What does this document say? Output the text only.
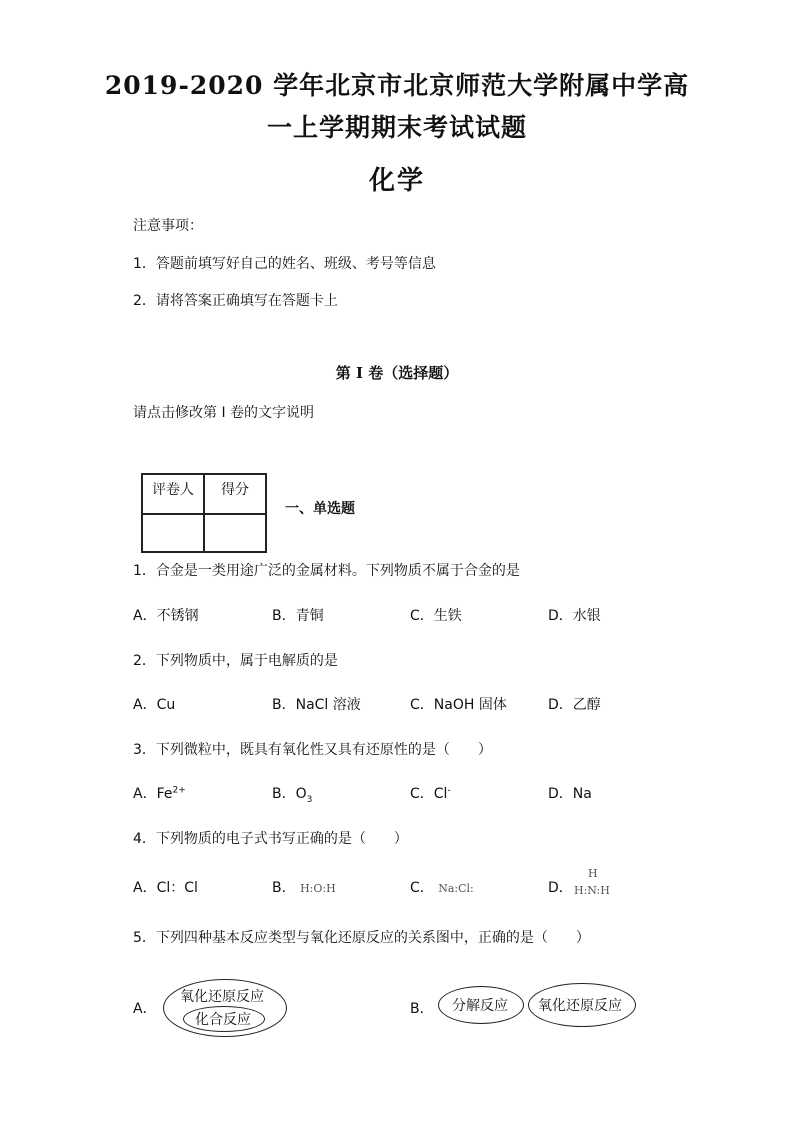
2019-2020 学年北京市北京师范大学附属中学高
一上学期期末考试试题
化学
注意事项：
1．答题前填写好自己的姓名、班级、考号等信息
2．请将答案正确填写在答题卡上
第 I 卷（选择题）
请点击修改第 I 卷的文字说明
评卷人	得分

一、单选题
1．合金是一类用途广泛的金属材料。下列物质不属于合金的是
A．不锈钢	B．青铜	C．生铁	D．水银
2．下列物质中，属于电解质的是
A．Cu	B．NaCl 溶液	C．NaOH 固体	D．乙醇
3．下列微粒中，既具有氧化性又具有还原性的是（　　）
A．$Fe^{2+}$	B．$O_3$	C．Cl-	D．Na
4．下列物质的电子式书写正确的是（　　）
A．Cl：Cl	B． H:O:H	C． Na:Cl:	D．
H
H:N:H
5．下列四种基本反应类型与氧化还原反应的关系图中，正确的是（　　）
A．	B．
氧化还原反应
化合反应
分解反应 氧化还原反应
